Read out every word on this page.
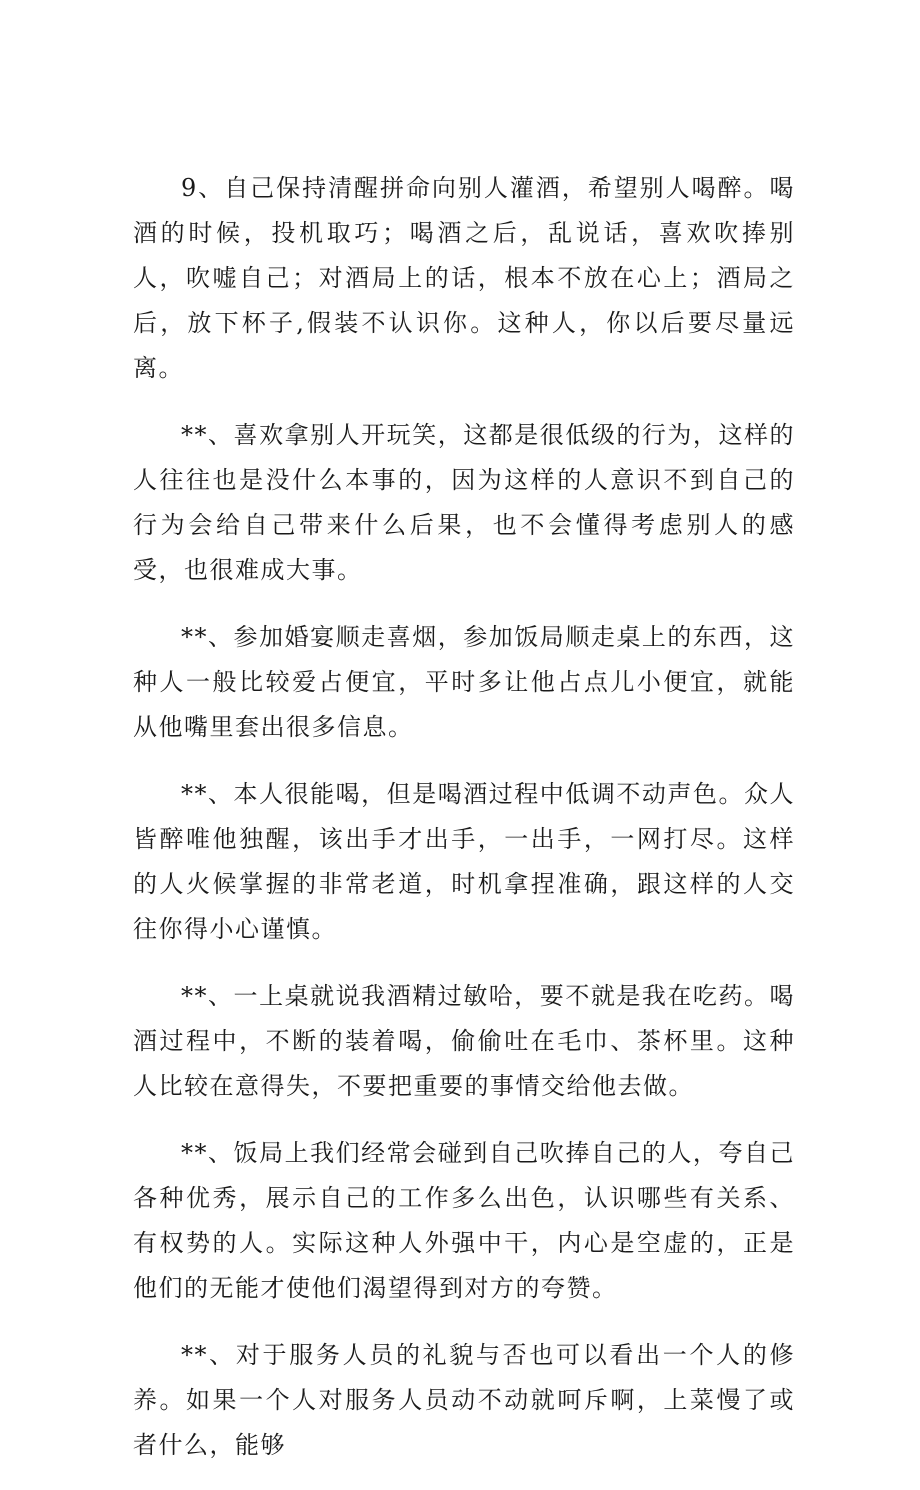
9、自己保持清醒拼命向别人灌酒，希望别人喝醉。喝酒的时候，投机取巧；喝酒之后，乱说话，喜欢吹捧别人，吹嘘自己；对酒局上的话，根本不放在心上；酒局之后，放下杯子,假装不认识你。这种人，你以后要尽量远离。

**、喜欢拿别人开玩笑，这都是很低级的行为，这样的人往往也是没什么本事的，因为这样的人意识不到自己的行为会给自己带来什么后果，也不会懂得考虑别人的感受，也很难成大事。

**、参加婚宴顺走喜烟，参加饭局顺走桌上的东西，这种人一般比较爱占便宜，平时多让他占点儿小便宜，就能从他嘴里套出很多信息。

**、本人很能喝，但是喝酒过程中低调不动声色。众人皆醉唯他独醒，该出手才出手，一出手，一网打尽。这样的人火候掌握的非常老道，时机拿捏准确，跟这样的人交往你得小心谨慎。

**、一上桌就说我酒精过敏哈，要不就是我在吃药。喝酒过程中，不断的装着喝，偷偷吐在毛巾、茶杯里。这种人比较在意得失，不要把重要的事情交给他去做。

**、饭局上我们经常会碰到自己吹捧自己的人，夸自己各种优秀，展示自己的工作多么出色，认识哪些有关系、有权势的人。实际这种人外强中干，内心是空虚的，正是他们的无能才使他们渴望得到对方的夸赞。

**、对于服务人员的礼貌与否也可以看出一个人的修养。如果一个人对服务人员动不动就呵斥啊，上菜慢了或者什么，能够
